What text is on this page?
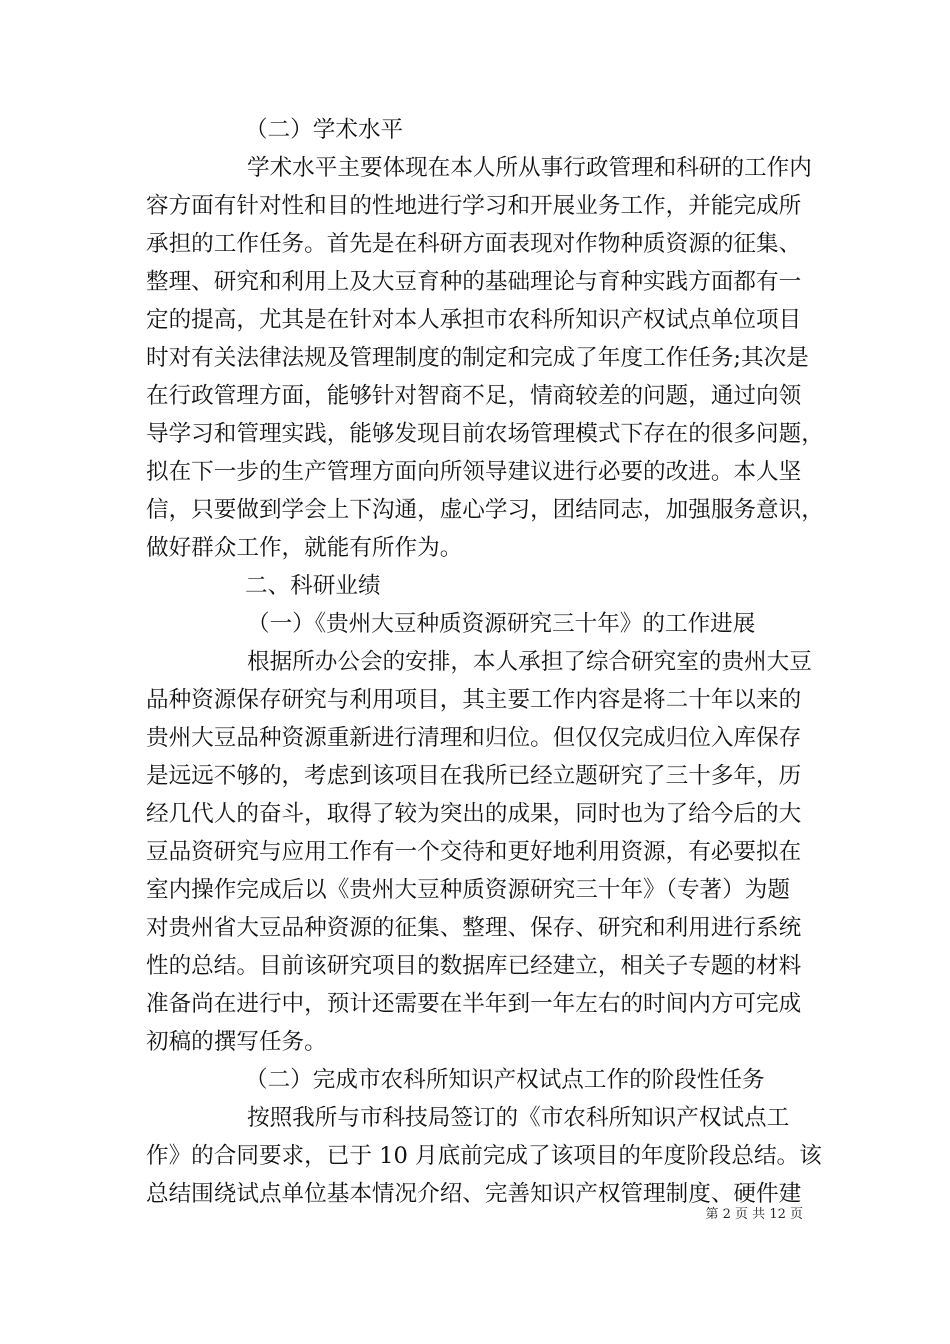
（二）学术水平
学术水平主要体现在本人所从事行政管理和科研的工作内
容方面有针对性和目的性地进行学习和开展业务工作，并能完成所
承担的工作任务。首先是在科研方面表现对作物种质资源的征集、
整理、研究和利用上及大豆育种的基础理论与育种实践方面都有一
定的提高，尤其是在针对本人承担市农科所知识产权试点单位项目
时对有关法律法规及管理制度的制定和完成了年度工作任务;其次是
在行政管理方面，能够针对智商不足，情商较差的问题，通过向领
导学习和管理实践，能够发现目前农场管理模式下存在的很多问题，
拟在下一步的生产管理方面向所领导建议进行必要的改进。本人坚
信，只要做到学会上下沟通，虚心学习，团结同志，加强服务意识，
做好群众工作，就能有所作为。
二、科研业绩
（一）《贵州大豆种质资源研究三十年》的工作进展
根据所办公会的安排，本人承担了综合研究室的贵州大豆
品种资源保存研究与利用项目，其主要工作内容是将二十年以来的
贵州大豆品种资源重新进行清理和归位。但仅仅完成归位入库保存
是远远不够的，考虑到该项目在我所已经立题研究了三十多年，历
经几代人的奋斗，取得了较为突出的成果，同时也为了给今后的大
豆品资研究与应用工作有一个交待和更好地利用资源，有必要拟在
室内操作完成后以《贵州大豆种质资源研究三十年》（专著）为题
对贵州省大豆品种资源的征集、整理、保存、研究和利用进行系统
性的总结。目前该研究项目的数据库已经建立，相关子专题的材料
准备尚在进行中，预计还需要在半年到一年左右的时间内方可完成
初稿的撰写任务。
（二）完成市农科所知识产权试点工作的阶段性任务
按照我所与市科技局签订的《市农科所知识产权试点工
作》的合同要求，已于 10 月底前完成了该项目的年度阶段总结。该
总结围绕试点单位基本情况介绍、完善知识产权管理制度、硬件建
第 2 页 共 12 页
